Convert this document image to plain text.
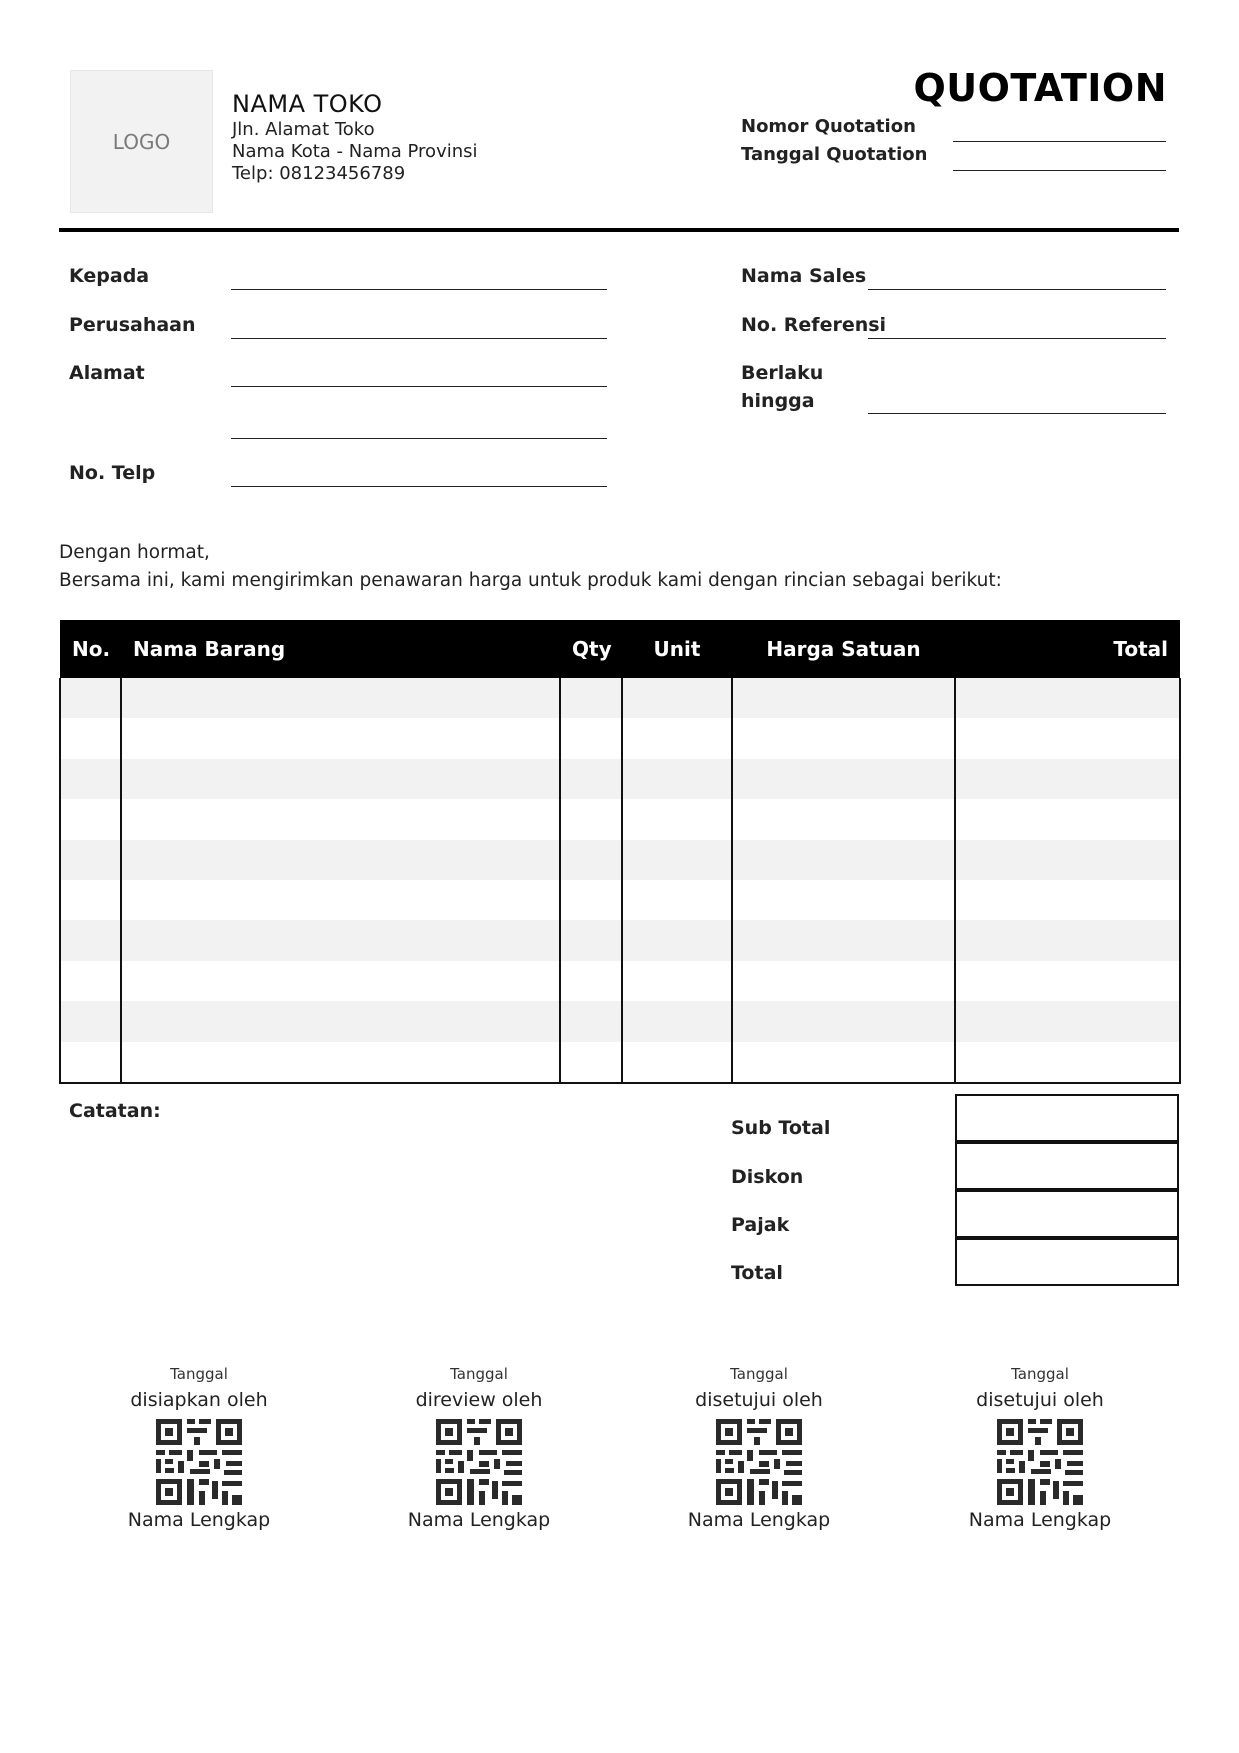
LOGO
NAMA TOKO
Jln. Alamat Toko
Nama Kota - Nama Provinsi
Telp: 08123456789
QUOTATION
Nomor Quotation
Tanggal Quotation
Kepada
Perusahaan
Alamat
No. Telp
Nama Sales
No. Referensi
Berlaku
hingga
Dengan hormat,
Bersama ini, kami mengirimkan penawaran harga untuk produk kami dengan rincian sebagai berikut:
No.	Nama Barang	Qty	Unit	Harga Satuan	Total

Catatan:
Sub Total
Diskon
Pajak
Total
Tanggal
disiapkan oleh
Nama Lengkap
Tanggal
direview oleh
Nama Lengkap
Tanggal
disetujui oleh
Nama Lengkap
Tanggal
disetujui oleh
Nama Lengkap
